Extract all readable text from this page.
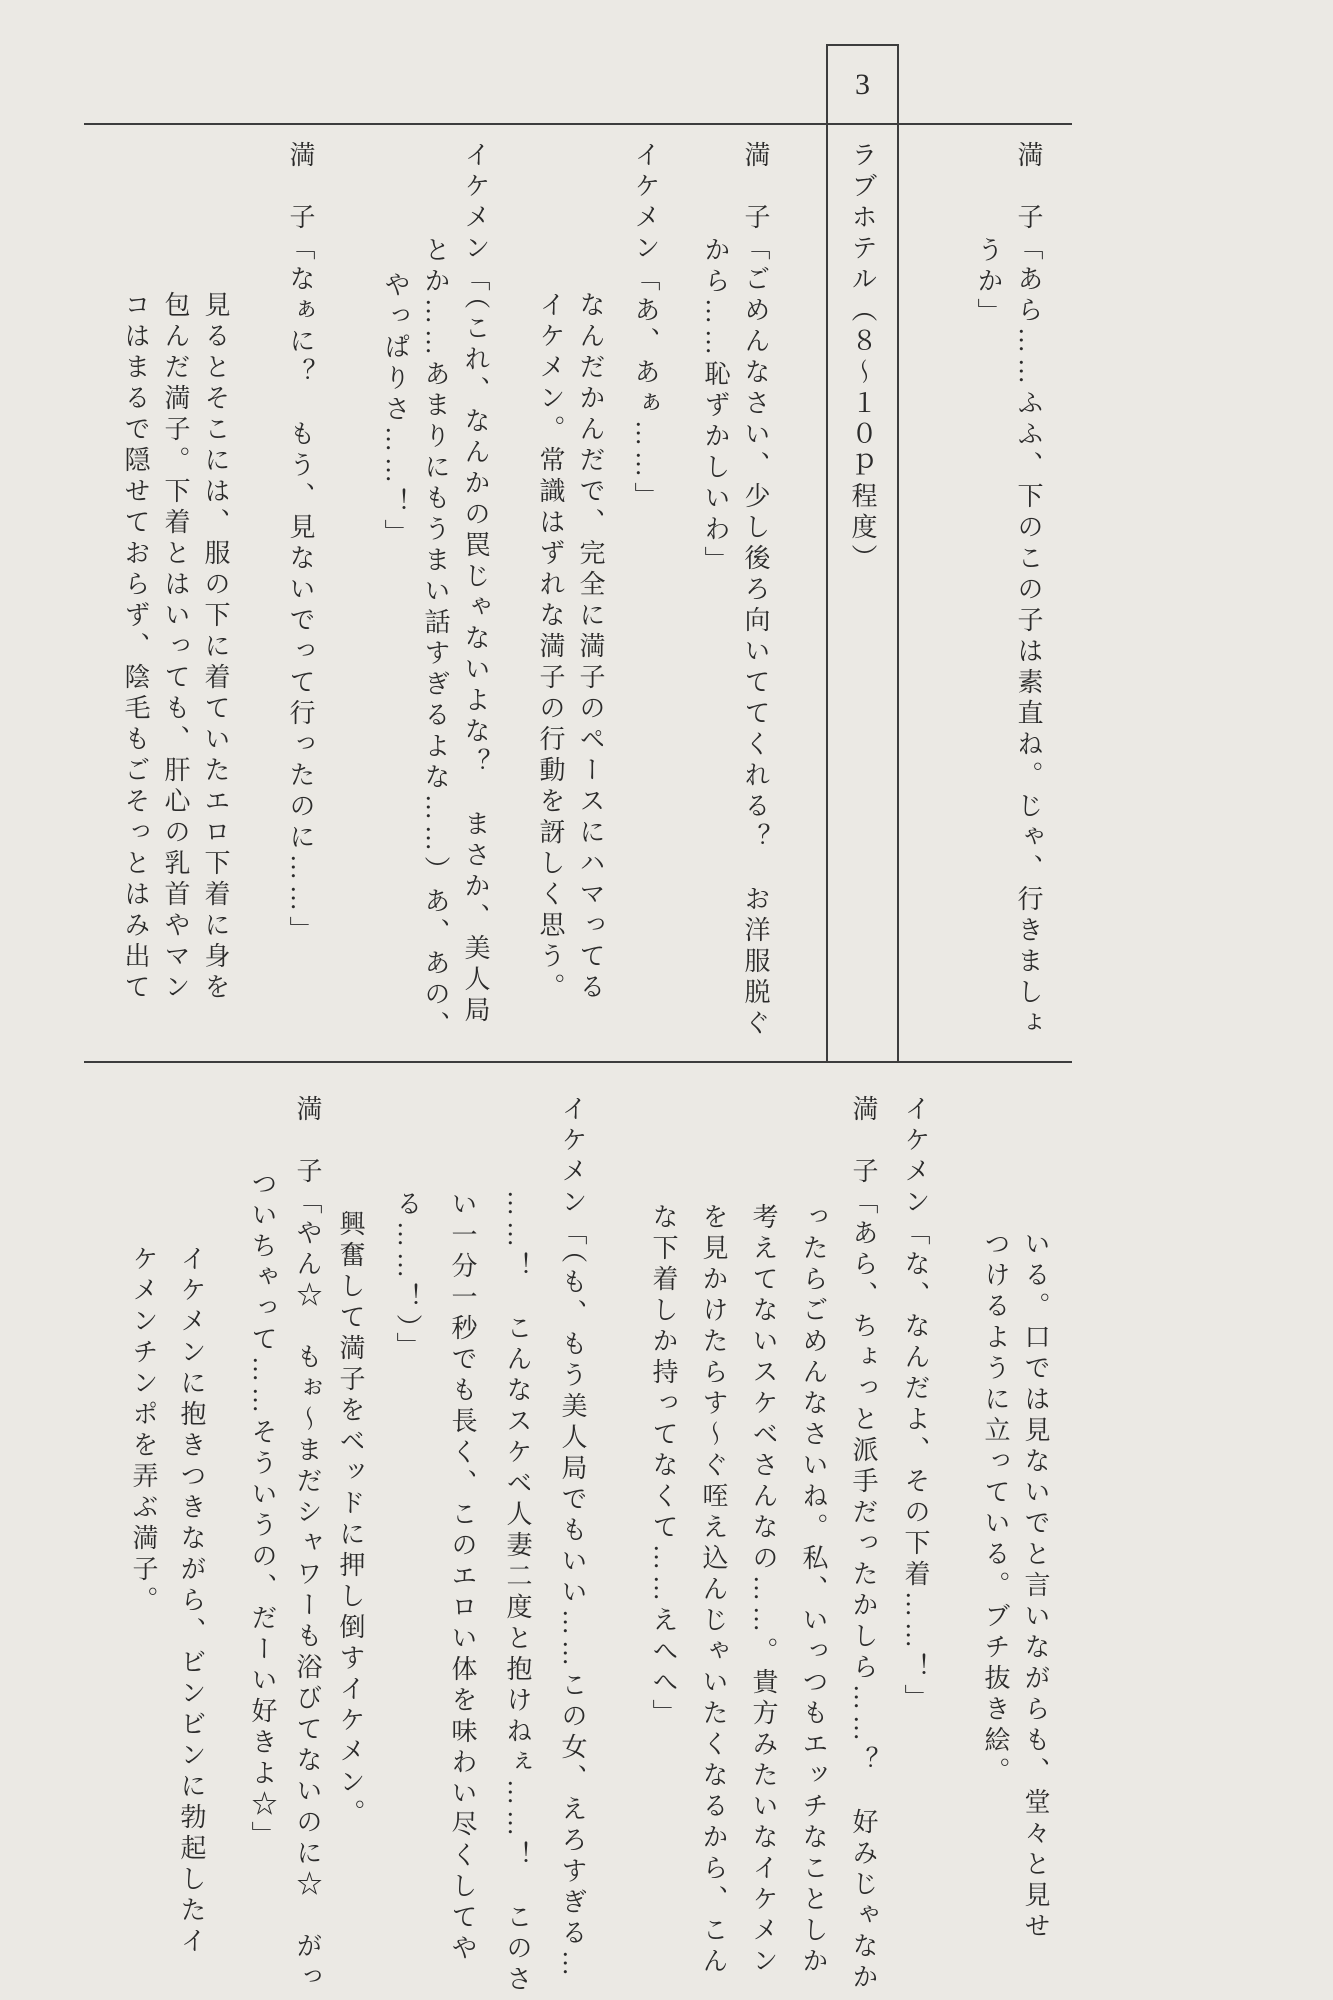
3
満　子「あら……ふふ、下のこの子は素直ね。じゃ、行きましょ
うか」
ラブホテル（８～１０ｐ程度）
満　子「ごめんなさい、少し後ろ向いててくれる？　お洋服脱ぐ
から……恥ずかしいわ」
イケメン「あ、あぁ……」
なんだかんだで、完全に満子のペースにハマってる
イケメン。常識はずれな満子の行動を訝しく思う。
イケメン「（これ、なんかの罠じゃないよな？　まさか、美人局
とか……あまりにもうまい話すぎるよな……）あ、あの、
やっぱりさ……！」
満　子「なぁに？　もう、見ないでって行ったのに……」
見るとそこには、服の下に着ていたエロ下着に身を
包んだ満子。下着とはいっても、肝心の乳首やマン
コはまるで隠せておらず、陰毛もごそっとはみ出て
いる。口では見ないでと言いながらも、堂々と見せ
つけるように立っている。ブチ抜き絵。
イケメン「な、なんだよ、その下着……！」
満　子「あら、ちょっと派手だったかしら……？　好みじゃなか
ったらごめんなさいね。私、いっつもエッチなことしか
考えてないスケベさんなの……。貴方みたいなイケメン
を見かけたらす～ぐ咥え込んじゃいたくなるから、こん
な下着しか持ってなくて……えへへ」
イケメン「（も、もう美人局でもいい……この女、えろすぎる…
……！　こんなスケベ人妻二度と抱けねぇ……！　このさ
い一分一秒でも長く、このエロい体を味わい尽くしてや
る……！）」
興奮して満子をベッドに押し倒すイケメン。
満　子「やん☆　もぉ～まだシャワーも浴びてないのに☆　がっ
ついちゃって……そういうの、だーい好きよ☆」
イケメンに抱きつきながら、ビンビンに勃起したイ
ケメンチンポを弄ぶ満子。
